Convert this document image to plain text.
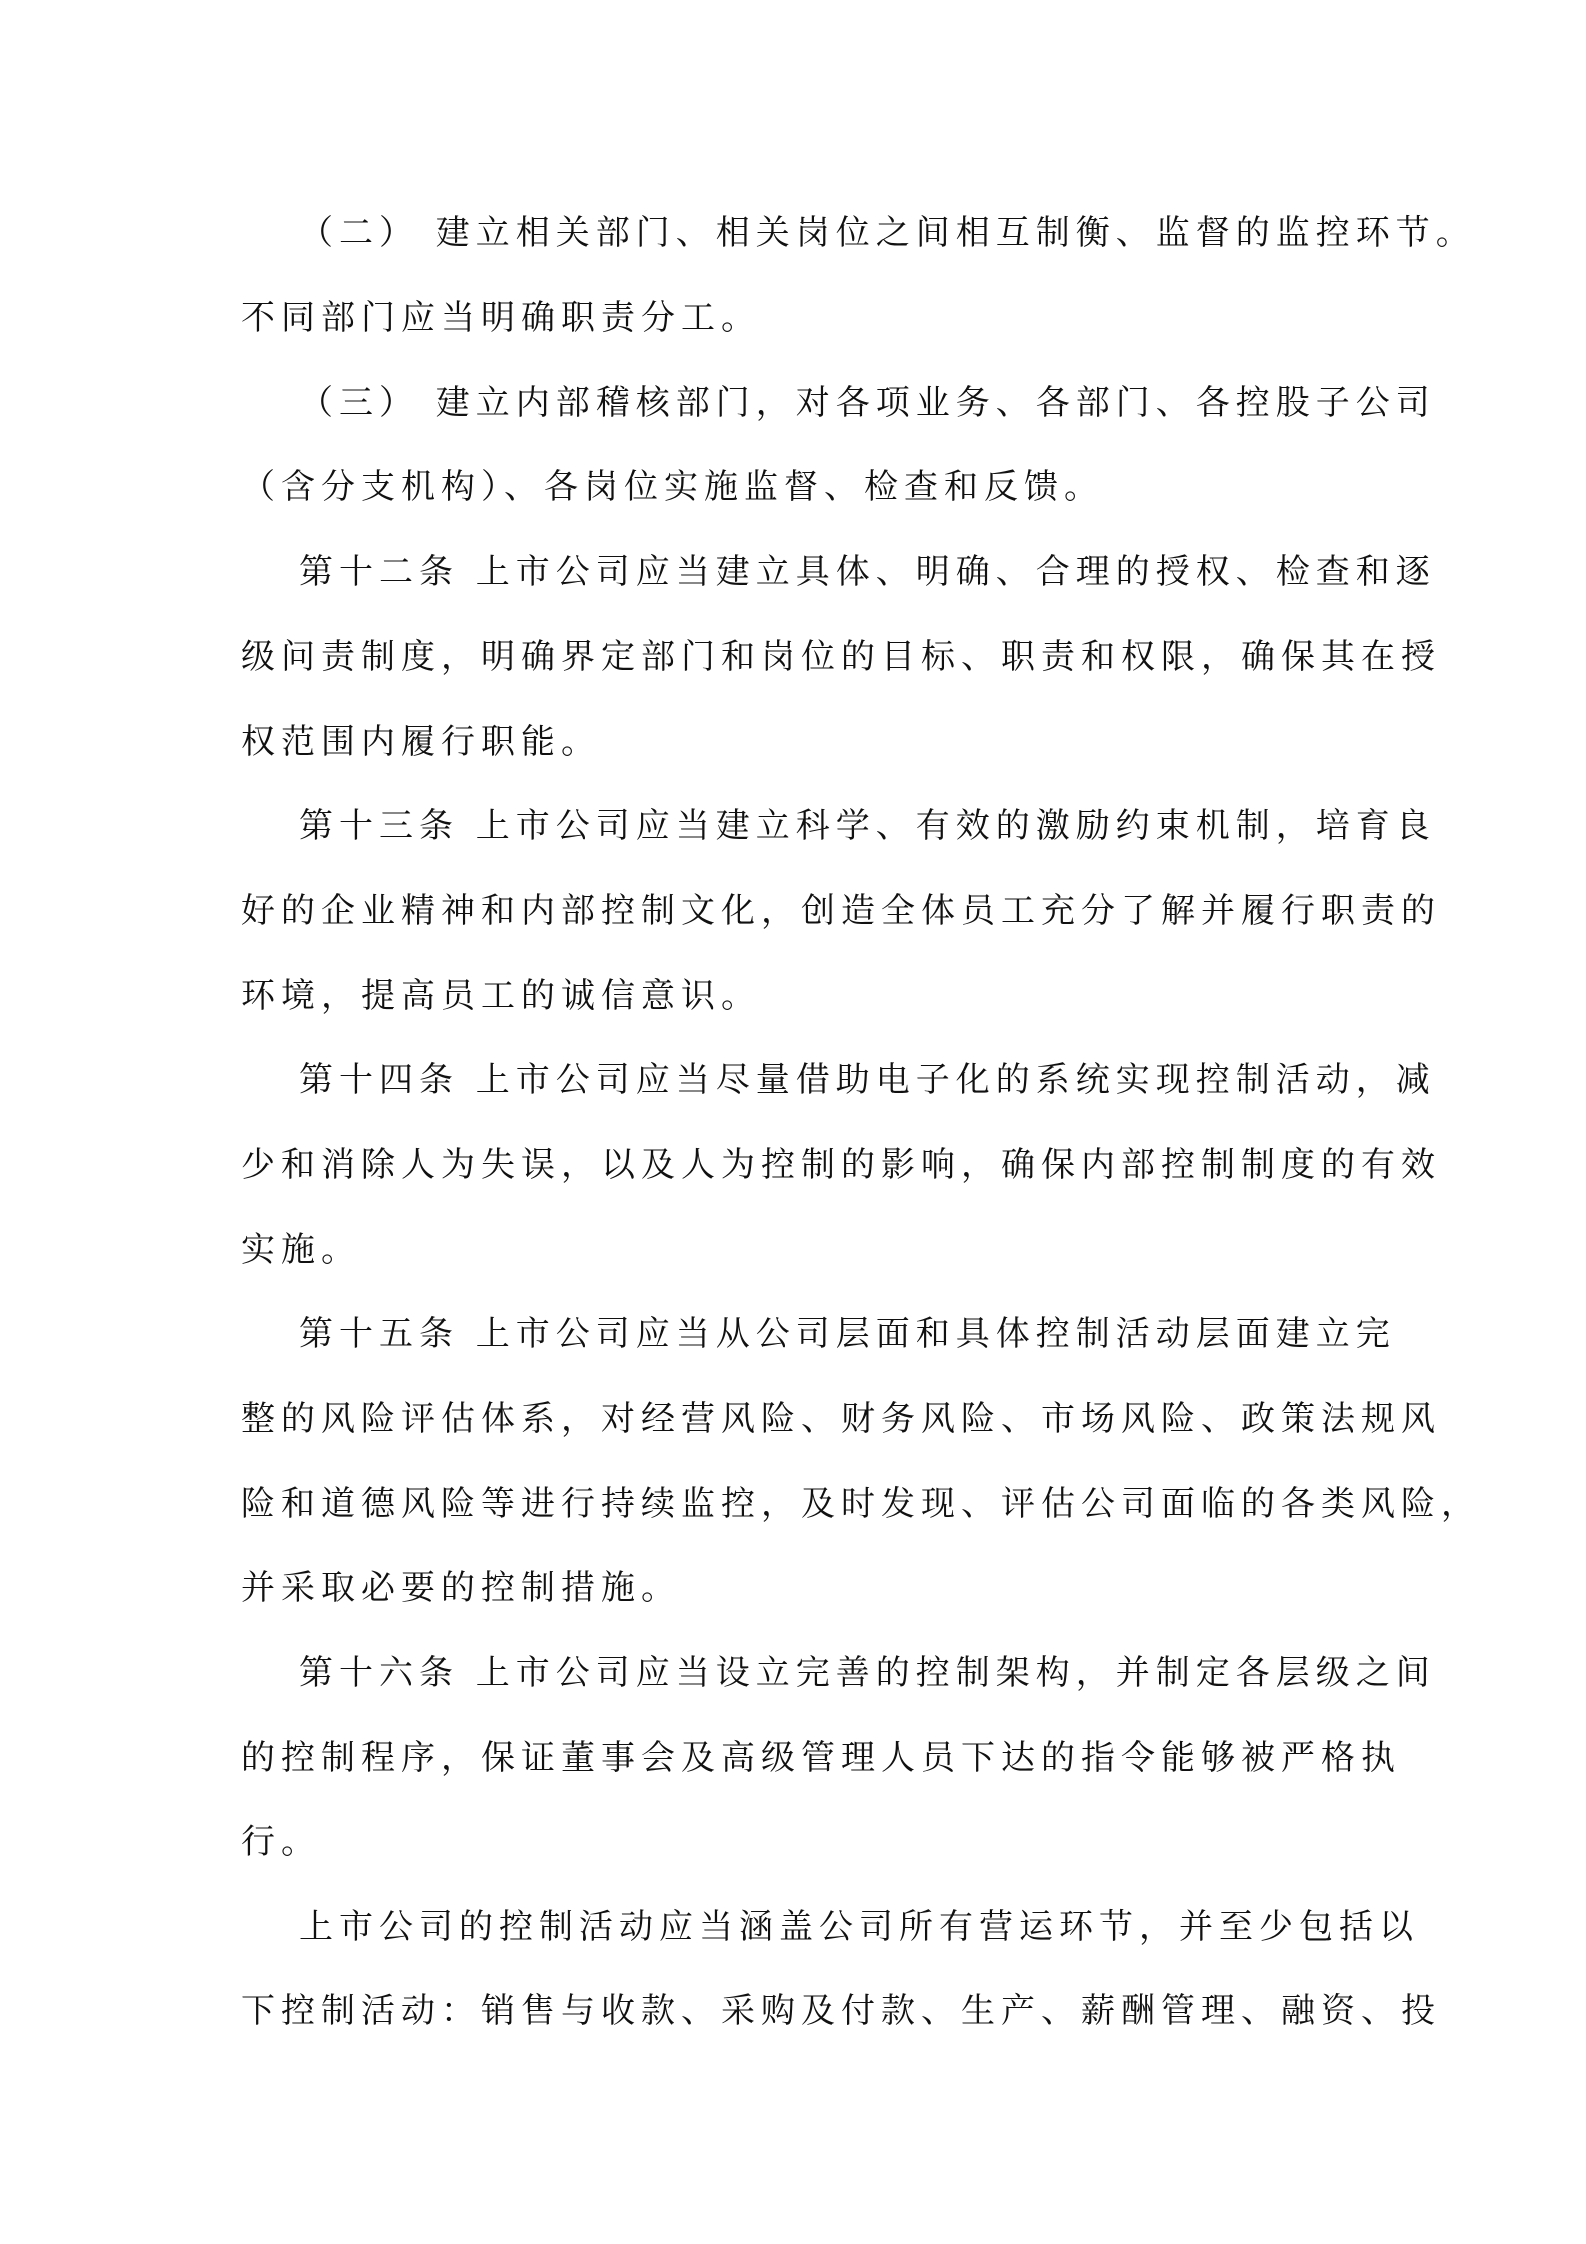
（二） 建立相关部门、相关岗位之间相互制衡、监督的监控环节。
不同部门应当明确职责分工。
（三） 建立内部稽核部门，对各项业务、各部门、各控股子公司
（含分支机构）、各岗位实施监督、检查和反馈。
第十二条 上市公司应当建立具体、明确、合理的授权、检查和逐
级问责制度，明确界定部门和岗位的目标、职责和权限，确保其在授
权范围内履行职能。
第十三条 上市公司应当建立科学、有效的激励约束机制，培育良
好的企业精神和内部控制文化，创造全体员工充分了解并履行职责的
环境，提高员工的诚信意识。
第十四条 上市公司应当尽量借助电子化的系统实现控制活动，减
少和消除人为失误，以及人为控制的影响，确保内部控制制度的有效
实施。
第十五条 上市公司应当从公司层面和具体控制活动层面建立完
整的风险评估体系，对经营风险、财务风险、市场风险、政策法规风
险和道德风险等进行持续监控，及时发现、评估公司面临的各类风险，
并采取必要的控制措施。
第十六条 上市公司应当设立完善的控制架构，并制定各层级之间
的控制程序，保证董事会及高级管理人员下达的指令能够被严格执
行。
上市公司的控制活动应当涵盖公司所有营运环节，并至少包括以
下控制活动：销售与收款、采购及付款、生产、薪酬管理、融资、投
